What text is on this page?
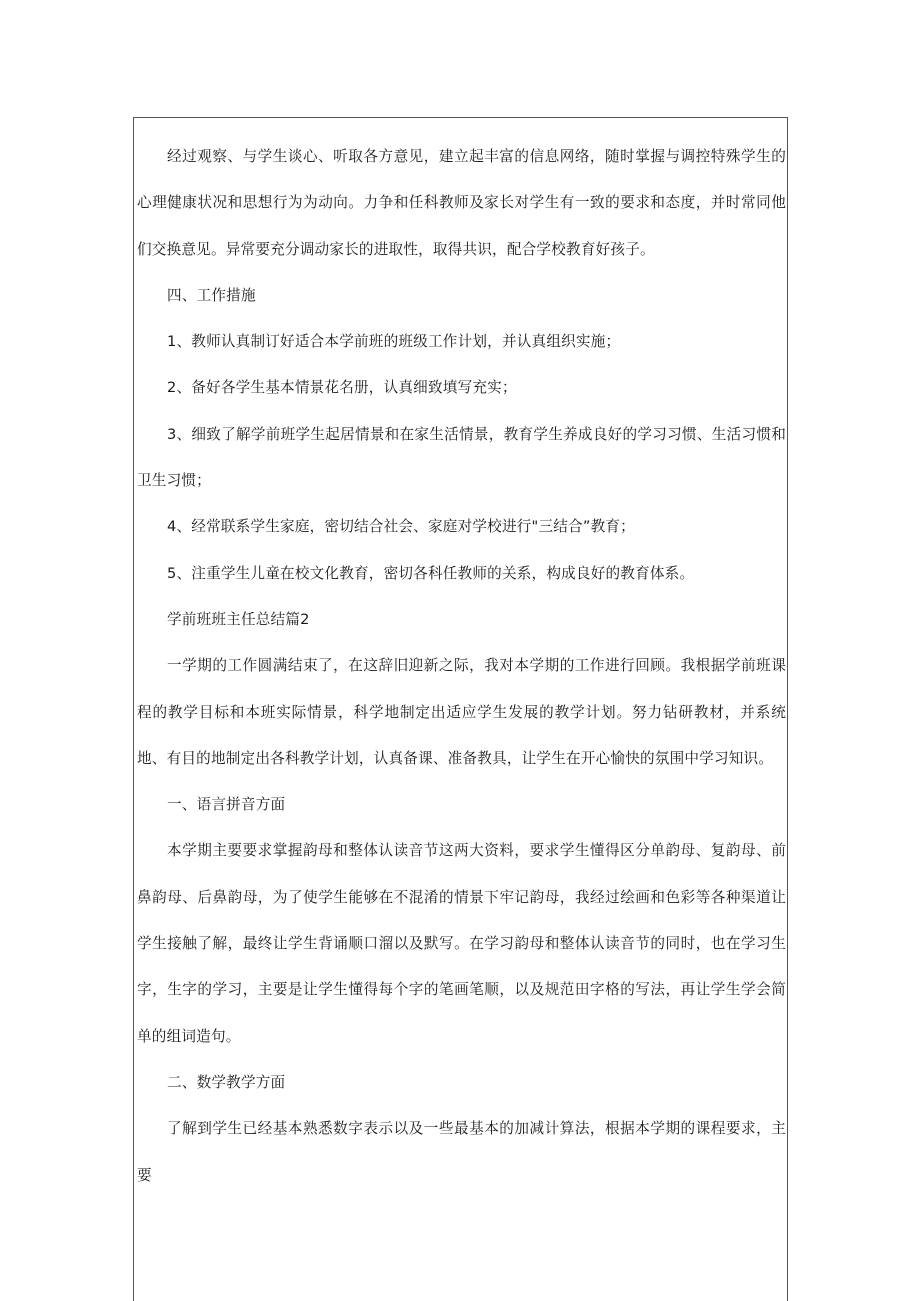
经过观察、与学生谈心、听取各方意见，建立起丰富的信息网络，随时掌握与调控特殊学生的心理健康状况和思想行为为动向。力争和任科教师及家长对学生有一致的要求和态度，并时常同他们交换意见。异常要充分调动家长的进取性，取得共识，配合学校教育好孩子。

四、工作措施

1、教师认真制订好适合本学前班的班级工作计划，并认真组织实施；

2、备好各学生基本情景花名册，认真细致填写充实；

3、细致了解学前班学生起居情景和在家生活情景，教育学生养成良好的学习习惯、生活习惯和卫生习惯；

4、经常联系学生家庭，密切结合社会、家庭对学校进行"三结合”教育；

5、注重学生儿童在校文化教育，密切各科任教师的关系，构成良好的教育体系。

学前班班主任总结篇2

一学期的工作圆满结束了，在这辞旧迎新之际，我对本学期的工作进行回顾。我根据学前班课程的教学目标和本班实际情景，科学地制定出适应学生发展的教学计划。努力钻研教材，并系统地、有目的地制定出各科教学计划，认真备课、准备教具，让学生在开心愉快的氛围中学习知识。

一、语言拼音方面

本学期主要要求掌握韵母和整体认读音节这两大资料，要求学生懂得区分单韵母、复韵母、前鼻韵母、后鼻韵母，为了使学生能够在不混淆的情景下牢记韵母，我经过绘画和色彩等各种渠道让学生接触了解，最终让学生背诵顺口溜以及默写。在学习韵母和整体认读音节的同时，也在学习生字，生字的学习，主要是让学生懂得每个字的笔画笔顺，以及规范田字格的写法，再让学生学会简单的组词造句。

二、数学教学方面

了解到学生已经基本熟悉数字表示以及一些最基本的加减计算法，根据本学期的课程要求，主要
